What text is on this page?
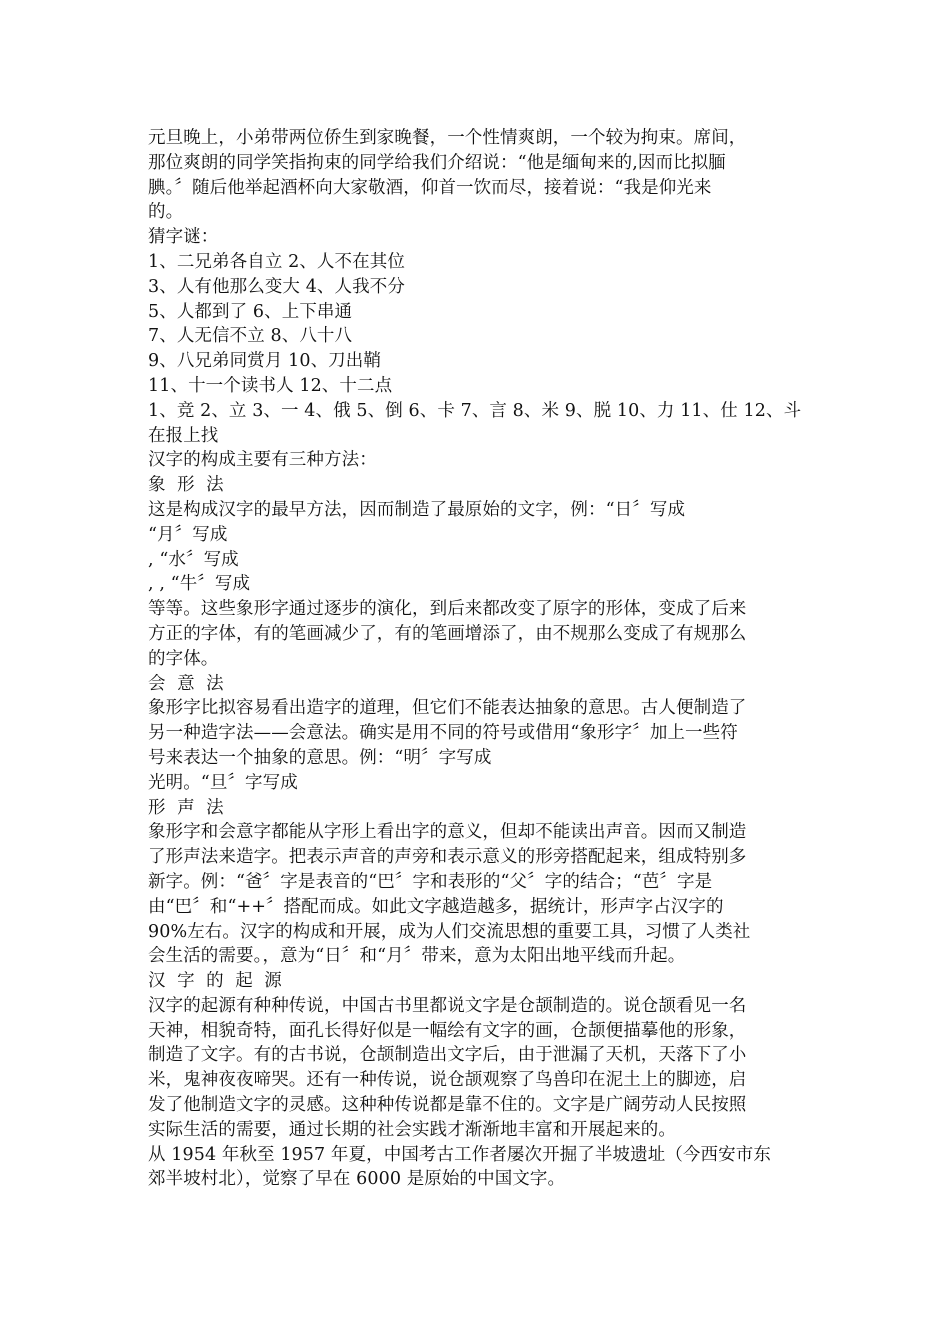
元旦晚上，小弟带两位侨生到家晚餐，一个性情爽朗，一个较为拘束。席间，
那位爽朗的同学笑指拘束的同学给我们介绍说：“他是缅甸来的,因而比拟腼
腆。〞随后他举起酒杯向大家敬酒，仰首一饮而尽，接着说：“我是仰光来
的。
猜字谜：
1、二兄弟各自立 2、人不在其位
3、人有他那么变大 4、人我不分
5、人都到了 6、上下串通
7、人无信不立 8、八十八
9、八兄弟同赏月 10、刀出鞘
11、十一个读书人 12、十二点
1、竞 2、立 3、一 4、俄 5、倒 6、卡 7、言 8、米 9、脱 10、力 11、仕 12、斗
在报上找
汉字的构成主要有三种方法：
象 形 法
这是构成汉字的最早方法，因而制造了最原始的文字，例：“日〞写成
“月〞写成
, “水〞写成
, , “牛〞写成
等等。这些象形字通过逐步的演化，到后来都改变了原字的形体，变成了后来
方正的字体，有的笔画减少了，有的笔画增添了，由不规那么变成了有规那么
的字体。
会 意 法
象形字比拟容易看出造字的道理，但它们不能表达抽象的意思。古人便制造了
另一种造字法——会意法。确实是用不同的符号或借用“象形字〞加上一些符
号来表达一个抽象的意思。例：“明〞字写成
光明。“旦〞字写成
形 声 法
象形字和会意字都能从字形上看出字的意义，但却不能读出声音。因而又制造
了形声法来造字。把表示声音的声旁和表示意义的形旁搭配起来，组成特别多
新字。例：“爸〞字是表音的“巴〞字和表形的“父〞字的结合；“芭〞字是
由“巴〞和“++〞搭配而成。如此文字越造越多，据统计，形声字占汉字的
90%左右。汉字的构成和开展，成为人们交流思想的重要工具，习惯了人类社
会生活的需要。，意为“日〞和“月〞带来，意为太阳出地平线而升起。
汉 字 的 起 源
汉字的起源有种种传说，中国古书里都说文字是仓颉制造的。说仓颉看见一名
天神，相貌奇特，面孔长得好似是一幅绘有文字的画，仓颉便描摹他的形象，
制造了文字。有的古书说，仓颉制造出文字后，由于泄漏了天机，天落下了小
米，鬼神夜夜啼哭。还有一种传说，说仓颉观察了鸟兽印在泥土上的脚迹，启
发了他制造文字的灵感。这种种传说都是靠不住的。文字是广阔劳动人民按照
实际生活的需要，通过长期的社会实践才渐渐地丰富和开展起来的。
从 1954 年秋至 1957 年夏，中国考古工作者屡次开掘了半坡遗址（今西安市东
郊半坡村北），觉察了早在 6000 是原始的中国文字。
